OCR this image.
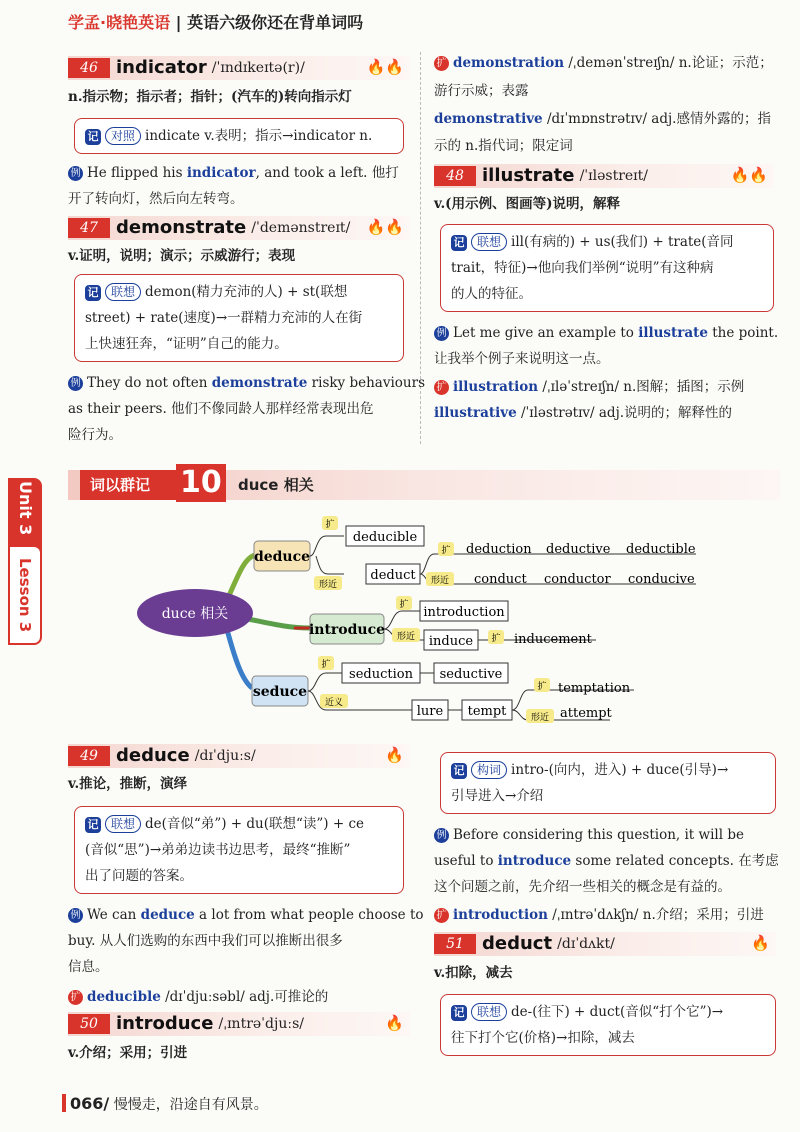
学孟·晓艳英语 | 英语六级你还在背单词吗
46 indicator /ˈɪndɪkeɪtə(r)/	🔥🔥
n.指示物；指示者；指针；(汽车的)转向指示灯
记 对照 indicate v.表明；指示→indicator n.
例 He flipped his indicator, and took a left. 他打
开了转向灯，然后向左转弯。
47 demonstrate /ˈdemənstreɪt/ 🔥🔥
v.证明，说明；演示；示威游行；表现
记 联想 demon(精力充沛的人) + st(联想
street) + rate(速度)→一群精力充沛的人在街
上快速狂奔，“证明”自己的能力。
例 They do not often demonstrate risky behaviours
as their peers. 他们不像同龄人那样经常表现出危
险行为。
扩 demonstration /ˌdemənˈstreɪʃn/ n.论证；示范；
游行示威；表露
demonstrative /dɪˈmɒnstrətɪv/ adj.感情外露的；指
示的 n.指代词；限定词
48 illustrate /ˈɪləstreɪt/	🔥🔥
v.(用示例、图画等)说明，解释
记 联想 ill(有病的) + us(我们) + trate(音同
trait，特征)→他向我们举例“说明”有这种病
的人的特征。
例 Let me give an example to illustrate the point.
让我举个例子来说明这一点。
扩 illustration /ˌɪləˈstreɪʃn/ n.图解；插图；示例
illustrative /ˈɪləstrətɪv/ adj.说明的；解释性的
Unit 3
Lesson 3
词以群记 10 duce 相关
duce 相关
deduce
扩
deducible
形近
deduct
扩 deduction deductive deductible
形近 conduct conductor conducive
introduce
扩 introduction
形近 induce 扩 inducement
seduce
扩
seduction seductive
近义
lure tempt
扩 temptation
形近 attempt
49 deduce /dɪˈdjuːs/	🔥
v.推论，推断，演绎
记 联想 de(音似“弟”) + du(联想“读”) + ce
(音似“思”)→弟弟边读书边思考，最终“推断”
出了问题的答案。
例 We can deduce a lot from what people choose to
buy. 从人们选购的东西中我们可以推断出很多
信息。
扩 deducible /dɪˈdjuːsəbl/ adj.可推论的
50 introduce /ˌɪntrəˈdjuːs/	🔥
v.介绍；采用；引进
记 构词 intro-(向内，进入) + duce(引导)→
引导进入→介绍
例 Before considering this question, it will be
useful to introduce some related concepts. 在考虑
这个问题之前，先介绍一些相关的概念是有益的。
扩 introduction /ˌɪntrəˈdʌkʃn/ n.介绍；采用；引进
51 deduct /dɪˈdʌkt/	🔥
v.扣除，减去
记 联想 de-(往下) + duct(音似“打个它”)→
往下打个它(价格)→扣除，减去
066/ 慢慢走，沿途自有风景。
